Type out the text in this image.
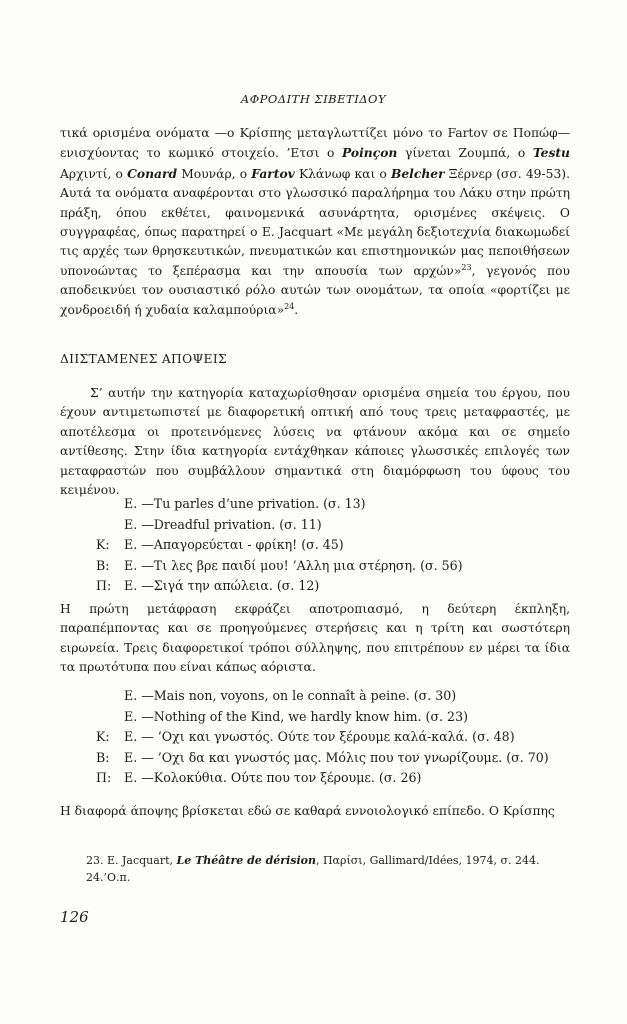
ΑΦΡΟΔΙΤΗ ΣΙΒΕΤΙΔΟΥ
τικά ορισμένα ονόματα —ο Κρίσπης μεταγλωττίζει μόνο το Fartov σε Ποπώφ—ενισχύοντας το κωμικό στοιχείο. ’Ετσι ο Poinçon γίνεται Ζουμπά, ο Testu Αρχιντί, ο Conard Μουνάρ, ο Fartov Κλάνωφ και ο Belcher Ξέρνερ (σσ. 49-53). Αυτά τα ονόματα αναφέρονται στο γλωσσικό παραλήρημα του Λάκυ στην πρώτη πράξη, όπου εκθέτει, φαινομενικά ασυνάρτητα, ορισμένες σκέψεις. Ο συγγραφέας, όπως παρατηρεί ο E. Jacquart «Με μεγάλη δεξιοτεχνία διακωμωδεί τις αρχές των θρησκευτικών, πνευματικών και επιστημονικών μας πεποιθήσεων υπονοώντας το ξεπέρασμα και την απουσία των αρχών»$^{23}$, γεγονός που αποδεικνύει τον ουσιαστικό ρόλο αυτών των ονομάτων, τα οποία «φορτίζει με χονδροειδή ή χυδαία καλαμπούρια»$^{24}$.
ΔΙΙΣΤΑΜΕΝΕΣ ΑΠΟΨΕΙΣ
Σ’ αυτήν την κατηγορία καταχωρίσθησαν ορισμένα σημεία του έργου, που έχουν αντιμετωπιστεί με διαφορετική οπτική από τους τρεις μεταφραστές, με αποτέλεσμα οι προτεινόμενες λύσεις να φτάνουν ακόμα και σε σημείο αντίθεσης. Στην ίδια κατηγορία εντάχθηκαν κάποιες γλωσσικές επιλογές των μεταφραστών που συμβάλλουν σημαντικά στη διαμόρφωση του ύφους του κειμένου.
E. —Tu parles d’une privation. (σ. 13)
E. —Dreadful privation. (σ. 11)
K: E. —Απαγορεύεται - φρίκη! (σ. 45)
B: E. —Τι λες βρε παιδί μου! ’Αλλη μια στέρηση. (σ. 56)
Π: E. —Σιγά την απώλεια. (σ. 12)
Η πρώτη μετάφραση εκφράζει αποτροπιασμό, η δεύτερη έκπληξη, παραπέμποντας και σε προηγούμενες στερήσεις και η τρίτη και σωστότερη ειρωνεία. Τρεις διαφορετικοί τρόποι σύλληψης, που επιτρέπουν εν μέρει τα ίδια τα πρωτότυπα που είναι κάπως αόριστα.
E. —Mais non, voyons, on le connaît à peine. (σ. 30)
E. —Nothing of the Kind, we hardly know him. (σ. 23)
K: E. — ’Οχι και γνωστός. Ούτε τον ξέρουμε καλά-καλά. (σ. 48)
B: E. — ’Οχι δα και γνωστός μας. Μόλις που τον γνωρίζουμε. (σ. 70)
Π: E. —Κολοκύθια. Ούτε που τον ξέρουμε. (σ. 26)
Η διαφορά άποψης βρίσκεται εδώ σε καθαρά εννοιολογικό επίπεδο. Ο Κρίσπης
23. E. Jacquart, Le Théâtre de dérision, Παρίσι, Gallimard/Idées, 1974, σ. 244.
24.’Ο.π.
126
